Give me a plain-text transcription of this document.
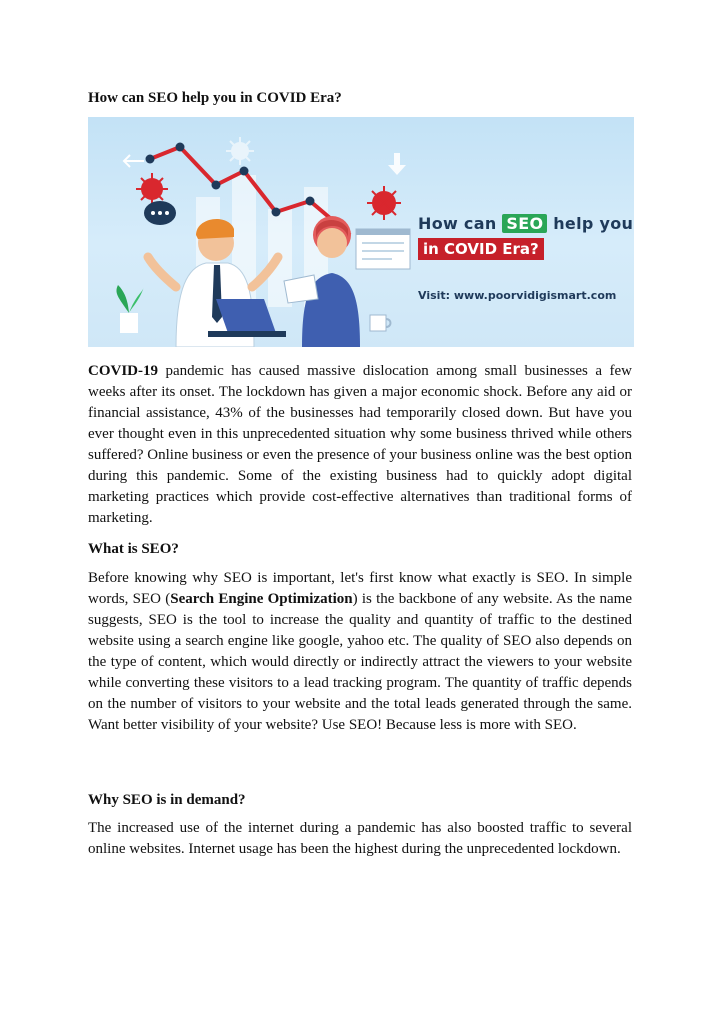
How can SEO help you in COVID Era?
How can SEO help you
in COVID Era?
Visit: www.poorvidigismart.com

COVID-19 pandemic has caused massive dislocation among small businesses a few weeks after its onset. The lockdown has given a major economic shock. Before any aid or financial assistance, 43% of the businesses had temporarily closed down. But have you ever thought even in this unprecedented situation why some business thrived while others suffered? Online business or even the presence of your business online was the best option during this pandemic. Some of the existing business had to quickly adopt digital marketing practices which provide cost-effective alternatives than traditional forms of marketing.

What is SEO?

Before knowing why SEO is important, let's first know what exactly is SEO. In simple words, SEO (Search Engine Optimization) is the backbone of any website. As the name suggests, SEO is the tool to increase the quality and quantity of traffic to the destined website using a search engine like google, yahoo etc. The quality of SEO also depends on the type of content, which would directly or indirectly attract the viewers to your website while converting these visitors to a lead tracking program. The quantity of traffic depends on the number of visitors to your website and the total leads generated through the same. Want better visibility of your website? Use SEO! Because less is more with SEO.

Why SEO is in demand?

The increased use of the internet during a pandemic has also boosted traffic to several online websites. Internet usage has been the highest during the unprecedented lockdown.
